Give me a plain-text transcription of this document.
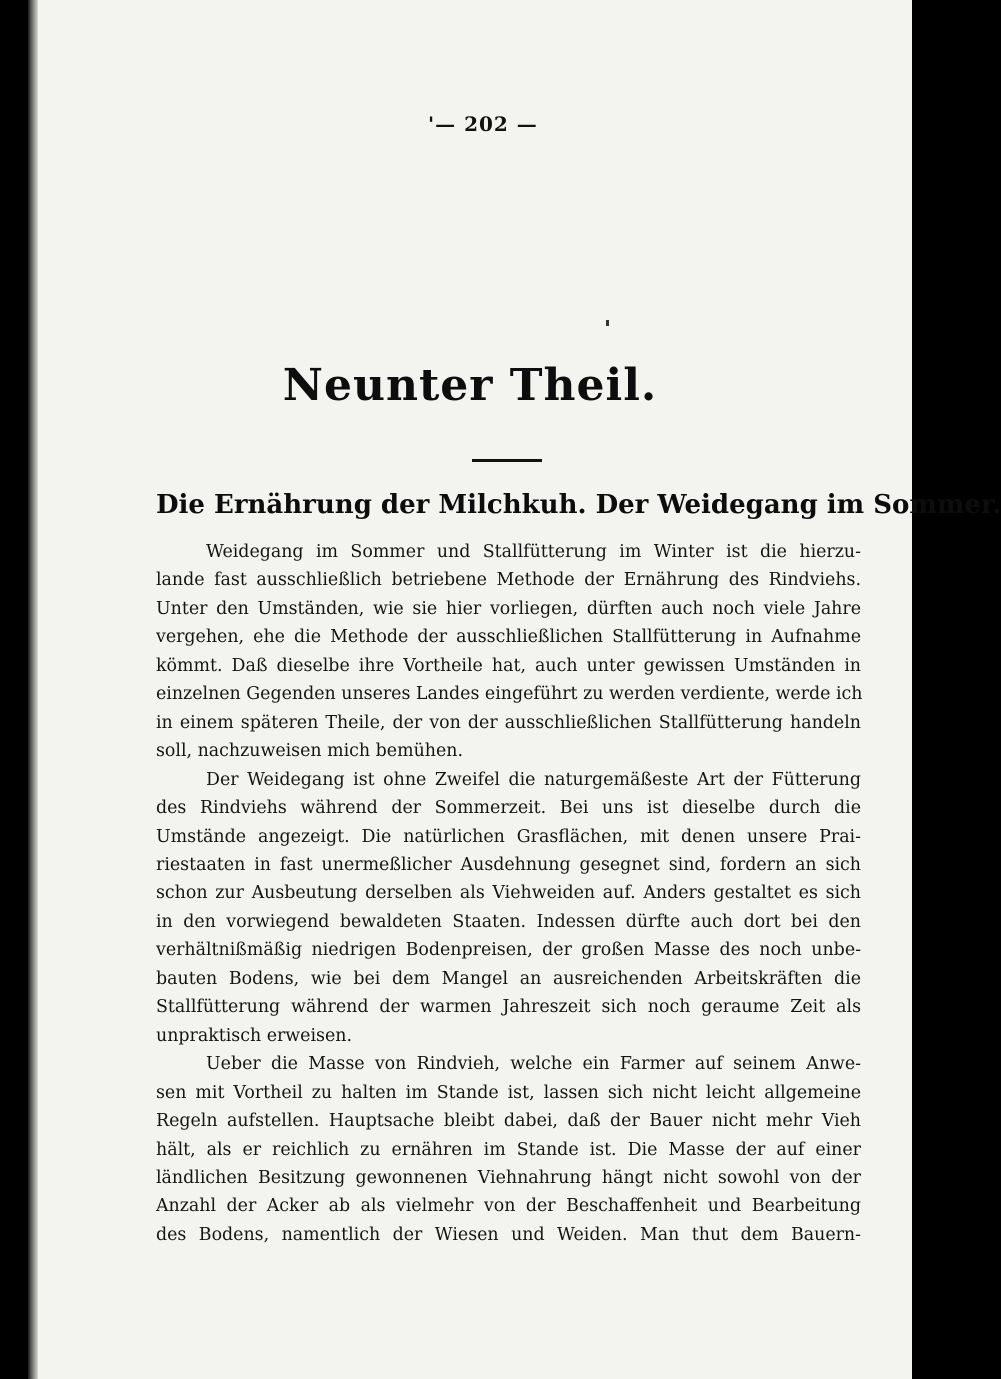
'— 202 —
Neunter Theil.
Die Ernährung der Milchkuh. Der Weidegang im Sommer.
Weidegang im Sommer und Stallfütterung im Winter ist die hierzu-
lande fast ausschließlich betriebene Methode der Ernährung des Rindviehs.
Unter den Umständen, wie sie hier vorliegen, dürften auch noch viele Jahre
vergehen, ehe die Methode der ausschließlichen Stallfütterung in Aufnahme
kömmt. Daß dieselbe ihre Vortheile hat, auch unter gewissen Umständen in
einzelnen Gegenden unseres Landes eingeführt zu werden verdiente, werde ich
in einem späteren Theile, der von der ausschließlichen Stallfütterung handeln
soll, nachzuweisen mich bemühen.
Der Weidegang ist ohne Zweifel die naturgemäßeste Art der Fütterung
des Rindviehs während der Sommerzeit. Bei uns ist dieselbe durch die
Umstände angezeigt. Die natürlichen Grasflächen, mit denen unsere Prai-
riestaaten in fast unermeßlicher Ausdehnung gesegnet sind, fordern an sich
schon zur Ausbeutung derselben als Viehweiden auf. Anders gestaltet es sich
in den vorwiegend bewaldeten Staaten. Indessen dürfte auch dort bei den
verhältnißmäßig niedrigen Bodenpreisen, der großen Masse des noch unbe-
bauten Bodens, wie bei dem Mangel an ausreichenden Arbeitskräften die
Stallfütterung während der warmen Jahreszeit sich noch geraume Zeit als
unpraktisch erweisen.
Ueber die Masse von Rindvieh, welche ein Farmer auf seinem Anwe-
sen mit Vortheil zu halten im Stande ist, lassen sich nicht leicht allgemeine
Regeln aufstellen. Hauptsache bleibt dabei, daß der Bauer nicht mehr Vieh
hält, als er reichlich zu ernähren im Stande ist. Die Masse der auf einer
ländlichen Besitzung gewonnenen Viehnahrung hängt nicht sowohl von der
Anzahl der Acker ab als vielmehr von der Beschaffenheit und Bearbeitung
des Bodens, namentlich der Wiesen und Weiden. Man thut dem Bauern-
